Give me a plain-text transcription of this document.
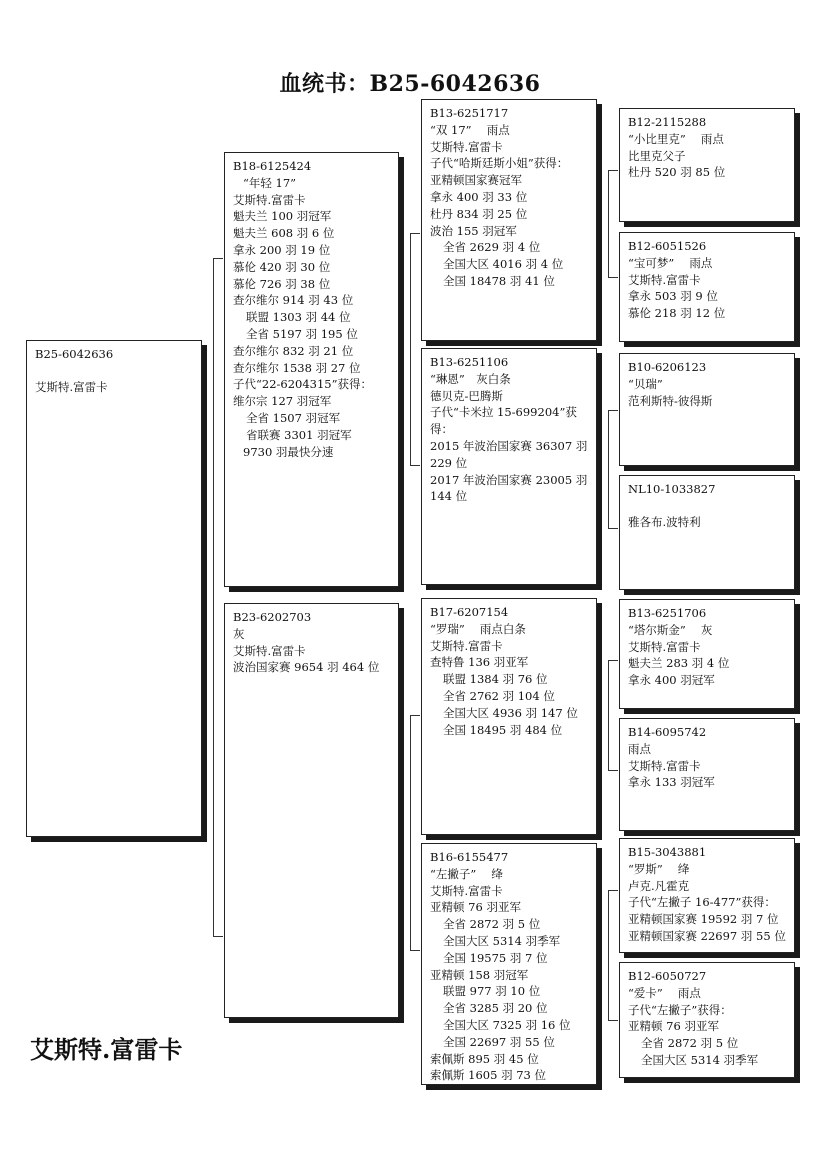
血统书：B25-6042636
B25-6042636
艾斯特.富雷卡
B18-6125424
“年轻 17”
艾斯特.富雷卡
魁夫兰 100 羽冠军
魁夫兰 608 羽 6 位
拿永 200 羽 19 位
慕伦 420 羽 30 位
慕伦 726 羽 38 位
查尔维尔 914 羽 43 位
联盟 1303 羽 44 位
全省 5197 羽 195 位
查尔维尔 832 羽 21 位
查尔维尔 1538 羽 27 位
子代“22-6204315”获得：
维尔宗 127 羽冠军
全省 1507 羽冠军
省联赛 3301 羽冠军
9730 羽最快分速
B23-6202703
灰
艾斯特.富雷卡
波治国家赛 9654 羽 464 位
B13-6251717
“双 17”　 雨点
艾斯特.富雷卡
子代“哈斯廷斯小姐”获得：
亚精顿国家赛冠军
拿永 400 羽 33 位
杜丹 834 羽 25 位
波治 155 羽冠军
全省 2629 羽 4 位
全国大区 4016 羽 4 位
全国 18478 羽 41 位
B13-6251106
“琳恩”　灰白条
德贝克-巴腾斯
子代“卡米拉 15-699204”获得：
2015 年波治国家赛 36307 羽 229 位
2017 年波治国家赛 23005 羽 144 位
B17-6207154
“罗瑞”　 雨点白条
艾斯特.富雷卡
查特鲁 136 羽亚军
联盟 1384 羽 76 位
全省 2762 羽 104 位
全国大区 4936 羽 147 位
全国 18495 羽 484 位
B16-6155477
“左撇子”　 绛
艾斯特.富雷卡
亚精顿 76 羽亚军
全省 2872 羽 5 位
全国大区 5314 羽季军
全国 19575 羽 7 位
亚精顿 158 羽冠军
联盟 977 羽 10 位
全省 3285 羽 20 位
全国大区 7325 羽 16 位
全国 22697 羽 55 位
索佩斯 895 羽 45 位
索佩斯 1605 羽 73 位
B12-2115288
“小比里克”　 雨点
比里克父子
杜丹 520 羽 85 位
B12-6051526
“宝可梦”　 雨点
艾斯特.富雷卡
拿永 503 羽 9 位
慕伦 218 羽 12 位
B10-6206123
“贝瑞”
范利斯特-彼得斯
NL10-1033827
雅各布.波特利
B13-6251706
“塔尔斯金”　 灰
艾斯特.富雷卡
魁夫兰 283 羽 4 位
拿永 400 羽冠军
B14-6095742
雨点
艾斯特.富雷卡
拿永 133 羽冠军
B15-3043881
“罗斯”　 绛
卢克.凡霍克
子代“左撇子 16-477”获得：
亚精顿国家赛 19592 羽 7 位
亚精顿国家赛 22697 羽 55 位
B12-6050727
“爱卡”　 雨点
子代“左撇子”获得：
亚精顿 76 羽亚军
全省 2872 羽 5 位
全国大区 5314 羽季军
艾斯特.富雷卡
